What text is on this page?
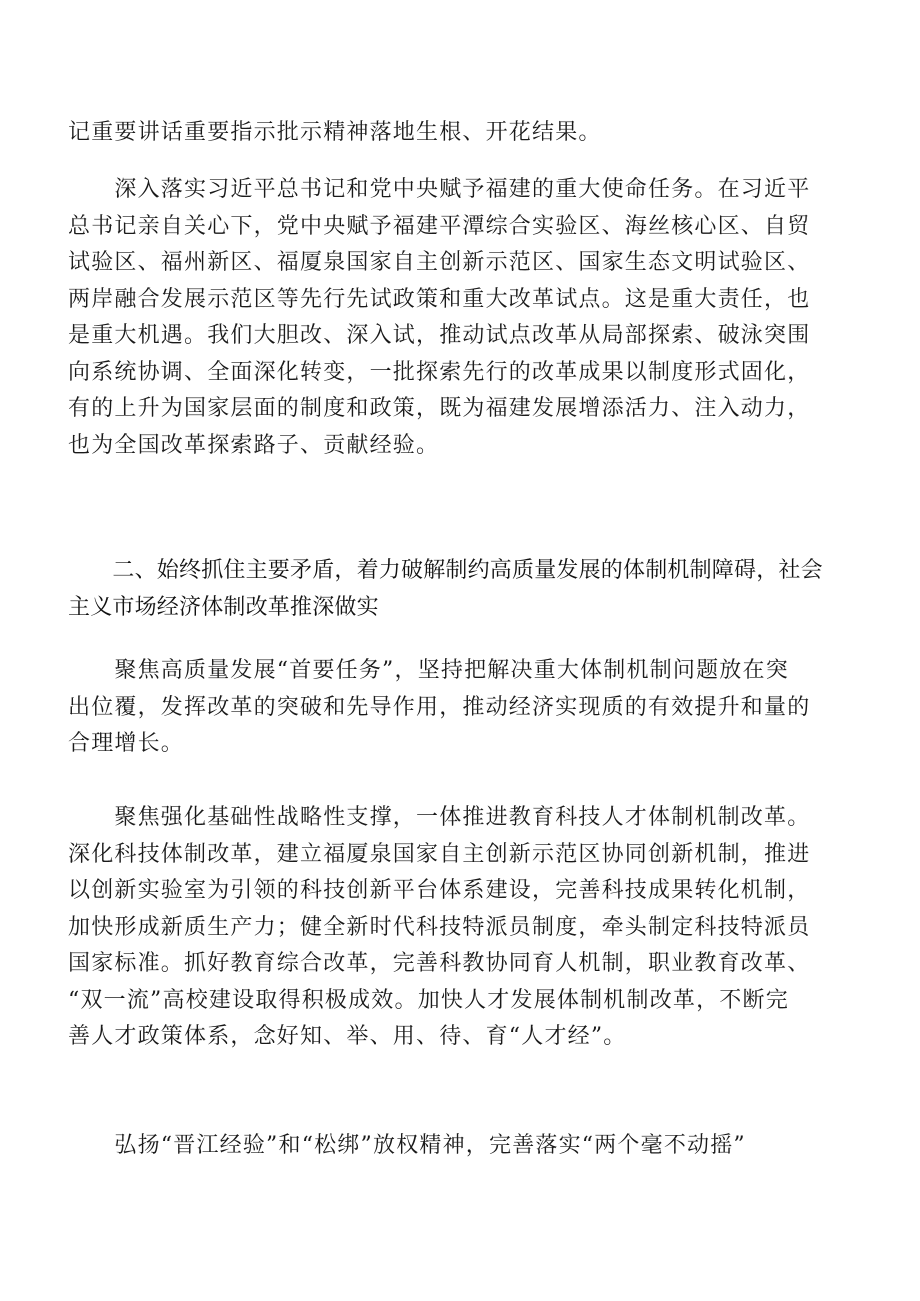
记重要讲话重要指示批示精神落地生根、开花结果。

　　深入落实习近平总书记和党中央赋予福建的重大使命任务。在习近平
总书记亲自关心下，党中央赋予福建平潭综合实验区、海丝核心区、自贸
试验区、福州新区、福厦泉国家自主创新示范区、国家生态文明试验区、
两岸融合发展示范区等先行先试政策和重大改革试点。这是重大责任，也
是重大机遇。我们大胆改、深入试，推动试点改革从局部探索、破泳突围
向系统协调、全面深化转变，一批探索先行的改革成果以制度形式固化，
有的上升为国家层面的制度和政策，既为福建发展增添活力、注入动力，
也为全国改革探索路子、贡献经验。

　　二、始终抓住主要矛盾，着力破解制约高质量发展的体制机制障碍，社会
主义市场经济体制改革推深做实

　　聚焦高质量发展“首要任务”，坚持把解决重大体制机制问题放在突
出位覆，发挥改革的突破和先导作用，推动经济实现质的有效提升和量的
合理增长。

　　聚焦强化基础性战略性支撑，一体推进教育科技人才体制机制改革。
深化科技体制改革，建立福厦泉国家自主创新示范区协同创新机制，推进
以创新实验室为引领的科技创新平台体系建设，完善科技成果转化机制，
加快形成新质生产力；健全新时代科技特派员制度，牵头制定科技特派员
国家标准。抓好教育综合改革，完善科教协同育人机制，职业教育改革、
“双一流”高校建设取得积极成效。加快人才发展体制机制改革，不断完
善人才政策体系，念好知、举、用、待、育“人才经”。

　　弘扬“晋江经验”和“松绑”放权精神，完善落实“两个毫不动摇”
